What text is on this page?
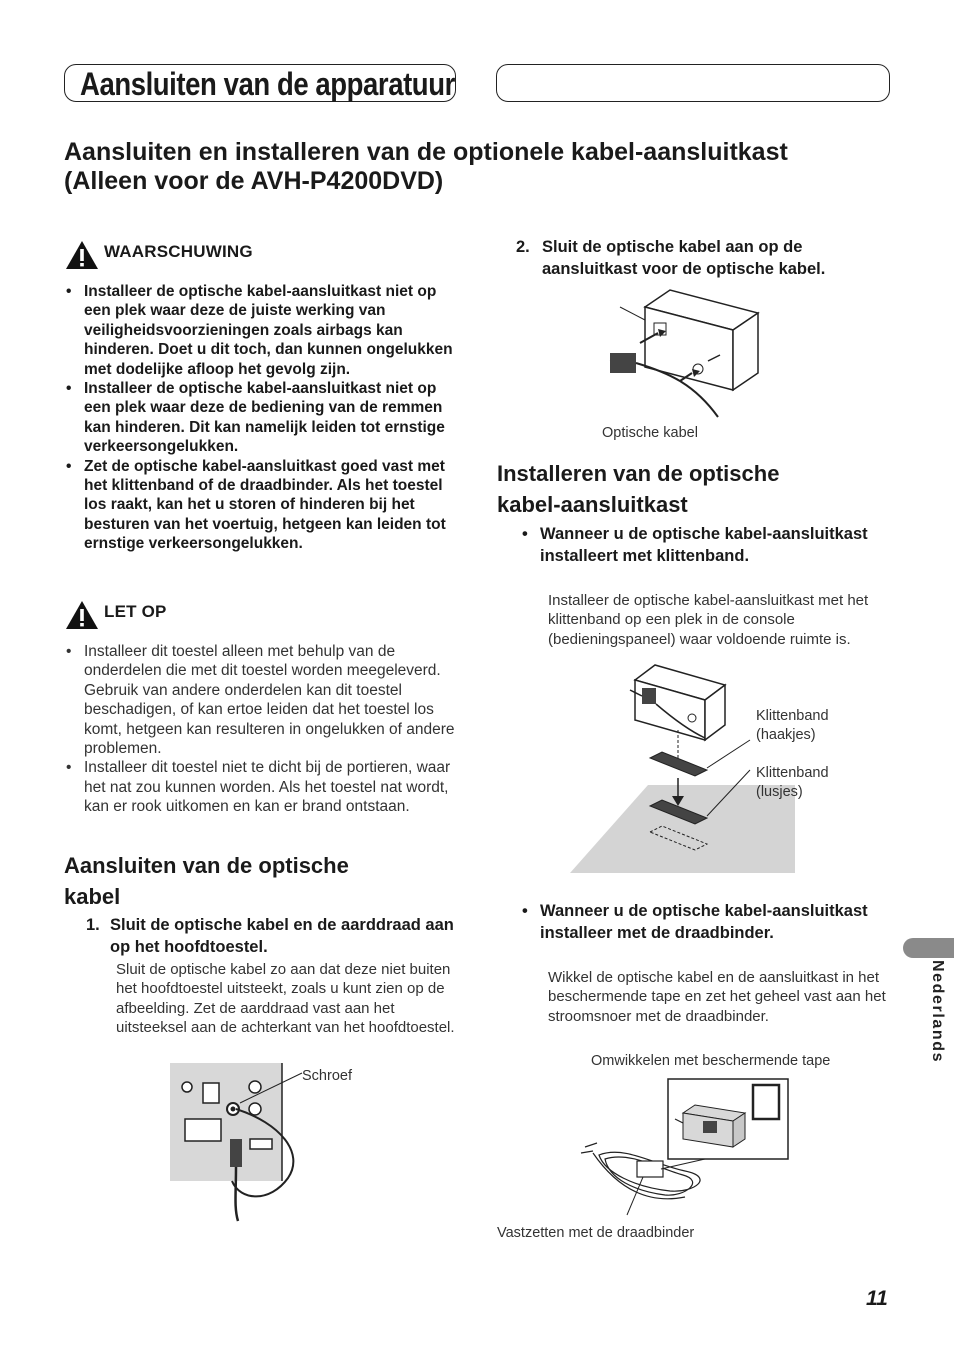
Aansluiten van de apparatuur
Aansluiten en installeren van de optionele kabel-aansluitkast
(Alleen voor de AVH-P4200DVD)
WAARSCHUWING
• Installeer de optische kabel-aansluitkast niet op een plek waar deze de juiste werking van veiligheidsvoorzieningen zoals airbags kan hinderen. Doet u dit toch, dan kunnen ongelukken met dodelijke afloop het gevolg zijn.
• Installeer de optische kabel-aansluitkast niet op een plek waar deze de bediening van de remmen kan hinderen. Dit kan namelijk leiden tot ernstige verkeersongelukken.
• Zet de optische kabel-aansluitkast goed vast met het klittenband of de draadbinder. Als het toestel los raakt, kan het u storen of hinderen bij het besturen van het voertuig, hetgeen kan leiden tot ernstige verkeersongelukken.
LET OP
• Installeer dit toestel alleen met behulp van de onderdelen die met dit toestel worden meegeleverd. Gebruik van andere onderdelen kan dit toestel beschadigen, of kan ertoe leiden dat het toestel los komt, hetgeen kan resulteren in ongelukken of andere problemen.
• Installeer dit toestel niet te dicht bij de portieren, waar het nat zou kunnen worden. Als het toestel nat wordt, kan er rook uitkomen en kan er brand ontstaan.
Aansluiten van de optische
kabel
1. Sluit de optische kabel en de aarddraad aan op het hoofdtoestel.
Sluit de optische kabel zo aan dat deze niet buiten het hoofdtoestel uitsteekt, zoals u kunt zien op de afbeelding. Zet de aarddraad vast aan het uitsteeksel aan de achterkant van het hoofdtoestel.
Schroef
2. Sluit de optische kabel aan op de aansluitkast voor de optische kabel.
Optische kabel
Installeren van de optische
kabel-aansluitkast
• Wanneer u de optische kabel-aansluitkast installeert met klittenband.
Installeer de optische kabel-aansluitkast met het klittenband op een plek in de console (bedieningspaneel) waar voldoende ruimte is.
Klittenband
(haakjes)
Klittenband
(lusjes)
• Wanneer u de optische kabel-aansluitkast installeer met de draadbinder.
Wikkel de optische kabel en de aansluitkast in het beschermende tape en zet het geheel vast aan het stroomsnoer met de draadbinder.
Omwikkelen met beschermende tape
Vastzetten met de draadbinder
Nederlands
11
